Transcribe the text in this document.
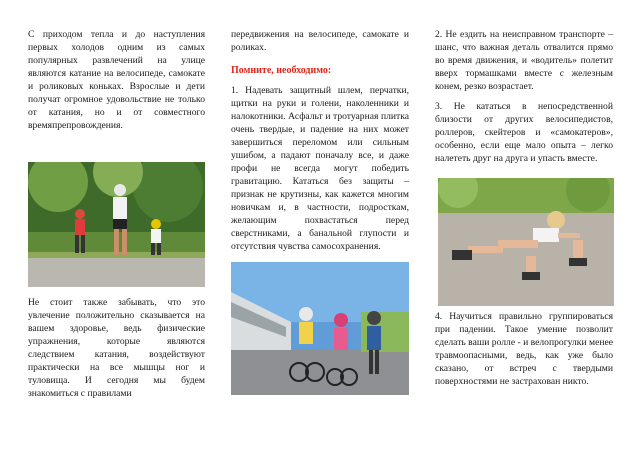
С приходом тепла и до наступления первых холодов одним из самых популярных развлечений на улице являются катание на велосипеде, самокате и роликовых коньках. Взрослые и дети получат огромное удовольствие не только от катания, но и от совместного времяпрепровождения.

Не стоит также забывать, что это увлечение положительно сказывается на вашем здоровье, ведь физические упражнения, которые являются следствием катания, воздействуют практически на все мышцы ног и туловища. И сегодня мы будем знакомиться с правилами

передвижения на велосипеде, самокате и роликах.

Помните, необходимо:

1. Надевать защитный шлем, перчатки, щитки на руки и голени, наколенники и налокотники. Асфальт и тротуарная плитка очень твердые, и падение на них может завершиться переломом или сильным ушибом, а падают поначалу все, и даже профи не всегда могут победить гравитацию. Кататься без защиты – признак не крутизны, как кажется многим новичкам и, в частности, подросткам, желающим похвастаться перед сверстниками, а банальной глупости и отсутствия чувства самосохранения.

2. Не ездить на неисправном транспорте – шанс, что важная деталь отвалится прямо во время движения, и «водитель» полетит вверх тормашками вместе с железным конем, резко возрастает.

3. Не кататься в непосредственной близости от других велосипедистов, роллеров, скейтеров и «самокатеров», особенно, если еще мало опыта – легко налететь друг на друга и упасть вместе.

4. Научиться правильно группироваться при падении. Такое умение позволит сделать ваши ролле - и велопрогулки менее травмоопасными, ведь, как уже было сказано, от встреч с твердыми поверхностями не застрахован никто.
